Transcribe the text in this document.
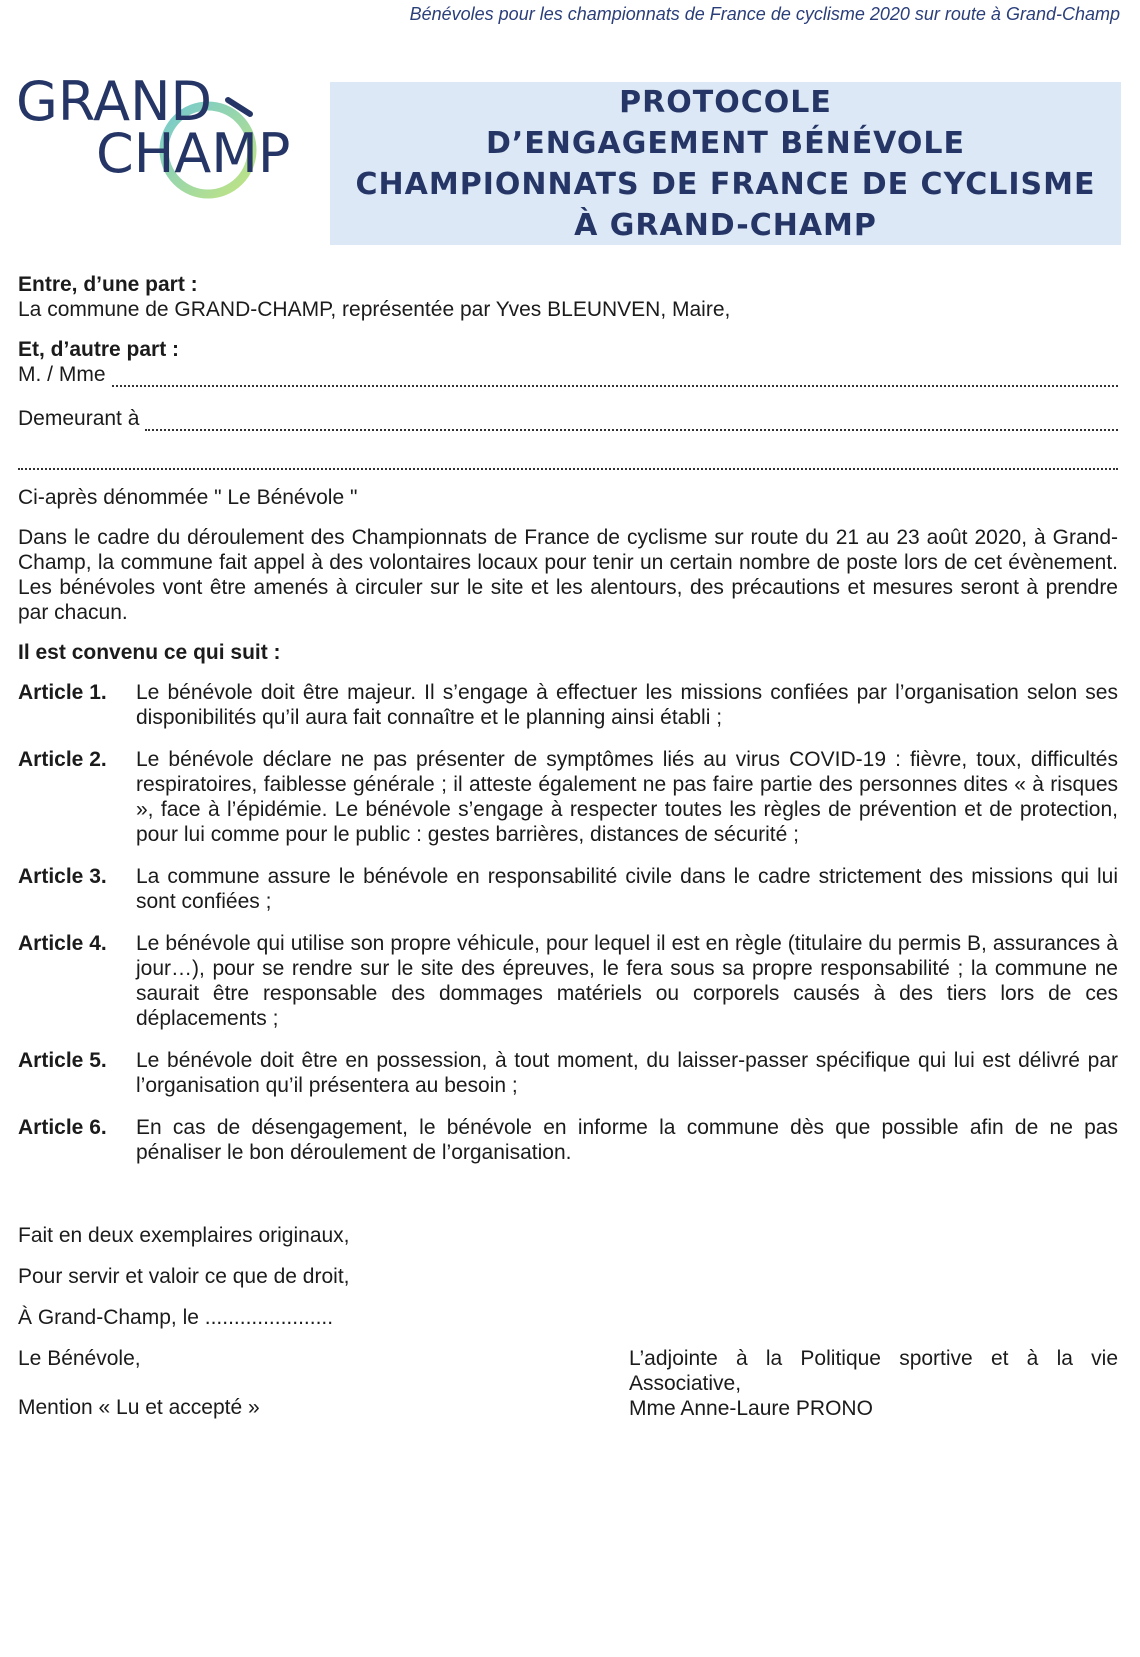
Bénévoles pour les championnats de France de cyclisme 2020 sur route à Grand-Champ
GRAND
CHAMP
PROTOCOLE
D’ENGAGEMENT BÉNÉVOLE
CHAMPIONNATS DE FRANCE DE CYCLISME
À GRAND-CHAMP
Entre, d’une part :
La commune de GRAND-CHAMP, représentée par Yves BLEUNVEN, Maire,
Et, d’autre part :
M. / Mme
Demeurant à
Ci-après dénommée " Le Bénévole "
Dans le cadre du déroulement des Championnats de France de cyclisme sur route du 21 au 23 août 2020, à Grand-Champ, la commune fait appel à des volontaires locaux pour tenir un certain nombre de poste lors de cet évènement. Les bénévoles vont être amenés à circuler sur le site et les alentours, des précautions et mesures seront à prendre par chacun.
Il est convenu ce qui suit :
Article 1.	Le bénévole doit être majeur. Il s’engage à effectuer les missions confiées par l’organisation selon ses disponibilités qu’il aura fait connaître et le planning ainsi établi ;
Article 2.	Le bénévole déclare ne pas présenter de symptômes liés au virus COVID-19 : fièvre, toux, difficultés respiratoires, faiblesse générale ; il atteste également ne pas faire partie des personnes dites « à risques », face à l’épidémie. Le bénévole s’engage à respecter toutes les règles de prévention et de protection, pour lui comme pour le public : gestes barrières, distances de sécurité ;
Article 3.	La commune assure le bénévole en responsabilité civile dans le cadre strictement des missions qui lui sont confiées ;
Article 4.	Le bénévole qui utilise son propre véhicule, pour lequel il est en règle (titulaire du permis B, assurances à jour…), pour se rendre sur le site des épreuves, le fera sous sa propre responsabilité ; la commune ne saurait être responsable des dommages matériels ou corporels causés à des tiers lors de ces déplacements ;
Article 5.	Le bénévole doit être en possession, à tout moment, du laisser-passer spécifique qui lui est délivré par l’organisation qu’il présentera au besoin ;
Article 6.	En cas de désengagement, le bénévole en informe la commune dès que possible afin de ne pas pénaliser le bon déroulement de l’organisation.

Fait en deux exemplaires originaux,

Pour servir et valoir ce que de droit,

À Grand-Champ, le ......................

Le Bénévole,
Mention « Lu et accepté »
L’adjointe à la Politique sportive et à la vie Associative,
Mme Anne-Laure PRONO
